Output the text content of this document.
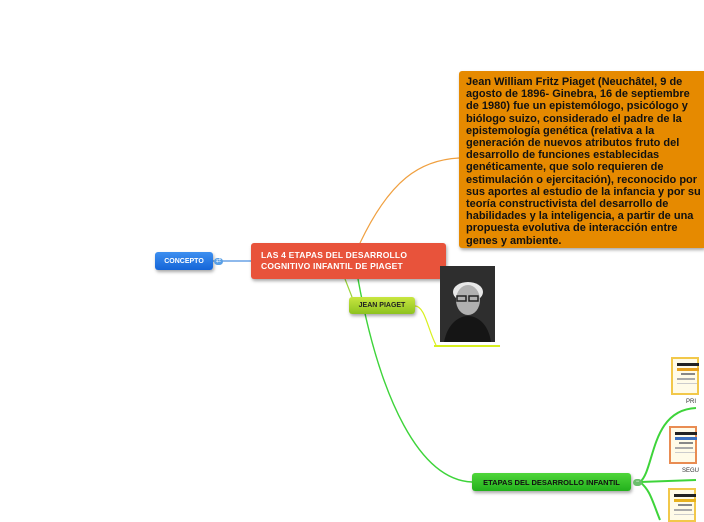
LAS 4 ETAPAS DEL DESARROLLO
COGNITIVO INFANTIL DE PIAGET
CONCEPTO	⇄
Jean William Fritz Piaget (Neuchâtel, 9 de
agosto de 1896- Ginebra, 16 de septiembre
de 1980) fue un epistemólogo, psicólogo y
biólogo suizo, considerado el padre de la
epistemología genética (relativa a la
generación de nuevos atributos fruto del
desarrollo de funciones establecidas
genéticamente, que solo requieren de
estimulación o ejercitación), reconocido por
sus aportes al estudio de la infancia y por su
teoría constructivista del desarrollo de
habilidades y la inteligencia, a partir de una
propuesta evolutiva de interacción entre
genes y ambiente.
JEAN PIAGET
ETAPAS DEL DESARROLLO INFANTIL	−
PRI
SEGU
